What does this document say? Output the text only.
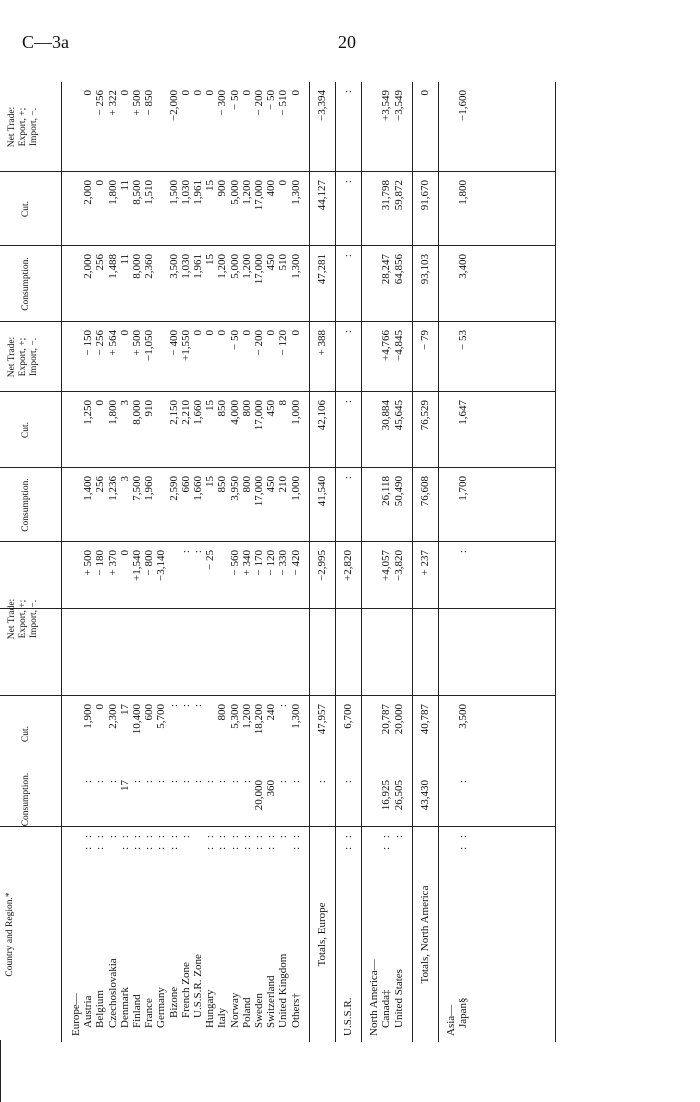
C—3a	20
Country and Region.*
Consumption.
Cut.
Net Trade: Export, +; Import, −.
Consumption.
Cut.
Net Trade: Export, +; Import, −.
Consumption.
Cut.
Net Trade: Export, +; Import, −.
Europe— Austria
: :
:
1,900
+ 500
1,400
1,250
− 150
2,000
2,000
0
Belgium
: :
:
0
− 180
256
0
− 256
256
0
− 256
Czechoslovakia
:
:
2,300
+ 370
1,236
1,800
+ 564
1,488
1,800
+ 322
Denmark
: :
17
17
0
3
3
0
11
11
0
Finland
: :
:
10,400
+1,540
7,500
8,000
+ 500
8,000
8,500
+ 500
France
: :
:
600
− 800
1,960
910
−1,050
2,360
1,510
− 850
Germany
: :
:
5,700
−3,140
Bizone
: :
:
:
2,590
2,150
− 400
3,500
1,500
−2,000
French Zone
:
:
:
:
660
2,210
+1,550
1,030
1,030
0
U.S.S.R. Zone
:
:
:
1,660
1,660
0
1,961
1,961
0
Hungary
: :
:
− 25
15
15
0
15
15
0
Italy
: :
:
800
850
850
0
1,200
900
− 300
Norway
: :
:
5,300
− 560
3,950
4,000
− 50
5,000
5,000
− 50
Poland
: :
:
1,200
+ 340
800
800
0
1,200
1,200
0
Sweden
: :
20,000
18,200
− 170
17,000
17,000
− 200
17,000
17,000
− 200
Switzerland
: :
360
240
− 120
450
450
0
450
400
− 50
United Kingdom
:
:
:
− 330
210
8
− 120
510
0
− 510
Others†
: :
:
1,300
− 420
1,000
1,000
0
1,300
1,300
0
Totals, Europe
:
47,957
−2,995
41,540
42,106
+ 388
47,281
44,127
−3,394
U.S.S.R.
: :
:
6,700
+2,820
:
:
:
:
:
:
North America— Canada‡
: :
16,925
20,787
+4,057
26,118
30,884
+4,766
28,247
31,798
+3,549
United States
:
26,505
20,000
−3,820
50,490
45,645
−4,845
64,856
59,872
−3,549
Totals, North America
43,430
40,787
+ 237
76,608
76,529
− 79
93,103
91,670
0
Asia— Japan§
: :
:
3,500
:
1,700
1,647
− 53
3,400
1,800
−1,600
